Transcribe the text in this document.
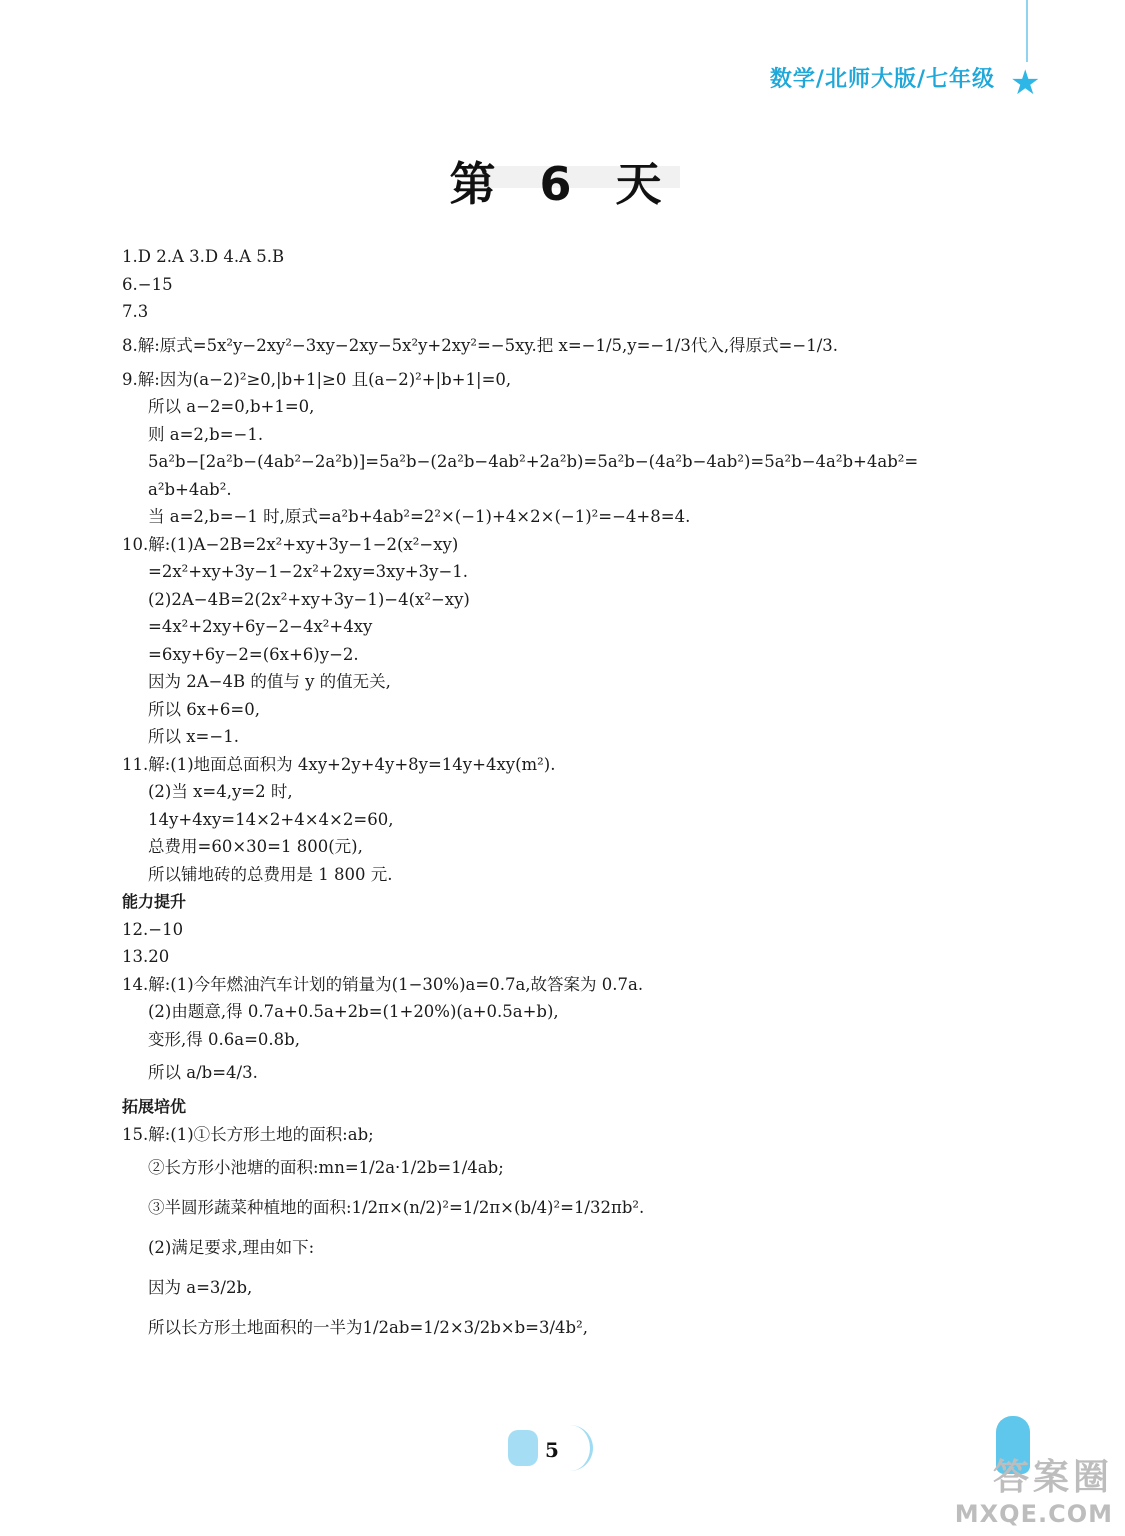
数学/北师大版/七年级 ★
第 6 天
1.D 2.A 3.D 4.A 5.B
6.−15
7.3
8.解:原式=5x²y−2xy²−3xy−2xy−5x²y+2xy²=−5xy.把 x=−1/5,y=−1/3代入,得原式=−1/3.
9.解:因为(a−2)²≥0,|b+1|≥0 且(a−2)²+|b+1|=0,
所以 a−2=0,b+1=0,
则 a=2,b=−1.
5a²b−[2a²b−(4ab²−2a²b)]=5a²b−(2a²b−4ab²+2a²b)=5a²b−(4a²b−4ab²)=5a²b−4a²b+4ab²=
a²b+4ab².
当 a=2,b=−1 时,原式=a²b+4ab²=2²×(−1)+4×2×(−1)²=−4+8=4.
10.解:(1)A−2B=2x²+xy+3y−1−2(x²−xy)
=2x²+xy+3y−1−2x²+2xy=3xy+3y−1.
(2)2A−4B=2(2x²+xy+3y−1)−4(x²−xy)
=4x²+2xy+6y−2−4x²+4xy
=6xy+6y−2=(6x+6)y−2.
因为 2A−4B 的值与 y 的值无关,
所以 6x+6=0,
所以 x=−1.
11.解:(1)地面总面积为 4xy+2y+4y+8y=14y+4xy(m²).
(2)当 x=4,y=2 时,
14y+4xy=14×2+4×4×2=60,
总费用=60×30=1 800(元),
所以铺地砖的总费用是 1 800 元.
能力提升
12.−10
13.20
14.解:(1)今年燃油汽车计划的销量为(1−30%)a=0.7a,故答案为 0.7a.
(2)由题意,得 0.7a+0.5a+2b=(1+20%)(a+0.5a+b),
变形,得 0.6a=0.8b,
所以 a/b=4/3.
拓展培优
15.解:(1)①长方形土地的面积:ab;
②长方形小池塘的面积:mn=1/2a·1/2b=1/4ab;
③半圆形蔬菜种植地的面积:1/2π×(n/2)²=1/2π×(b/4)²=1/32πb².
(2)满足要求,理由如下:
因为 a=3/2b,
所以长方形土地面积的一半为1/2ab=1/2×3/2b×b=3/4b²,
5
答案圈
MXQE.COM
